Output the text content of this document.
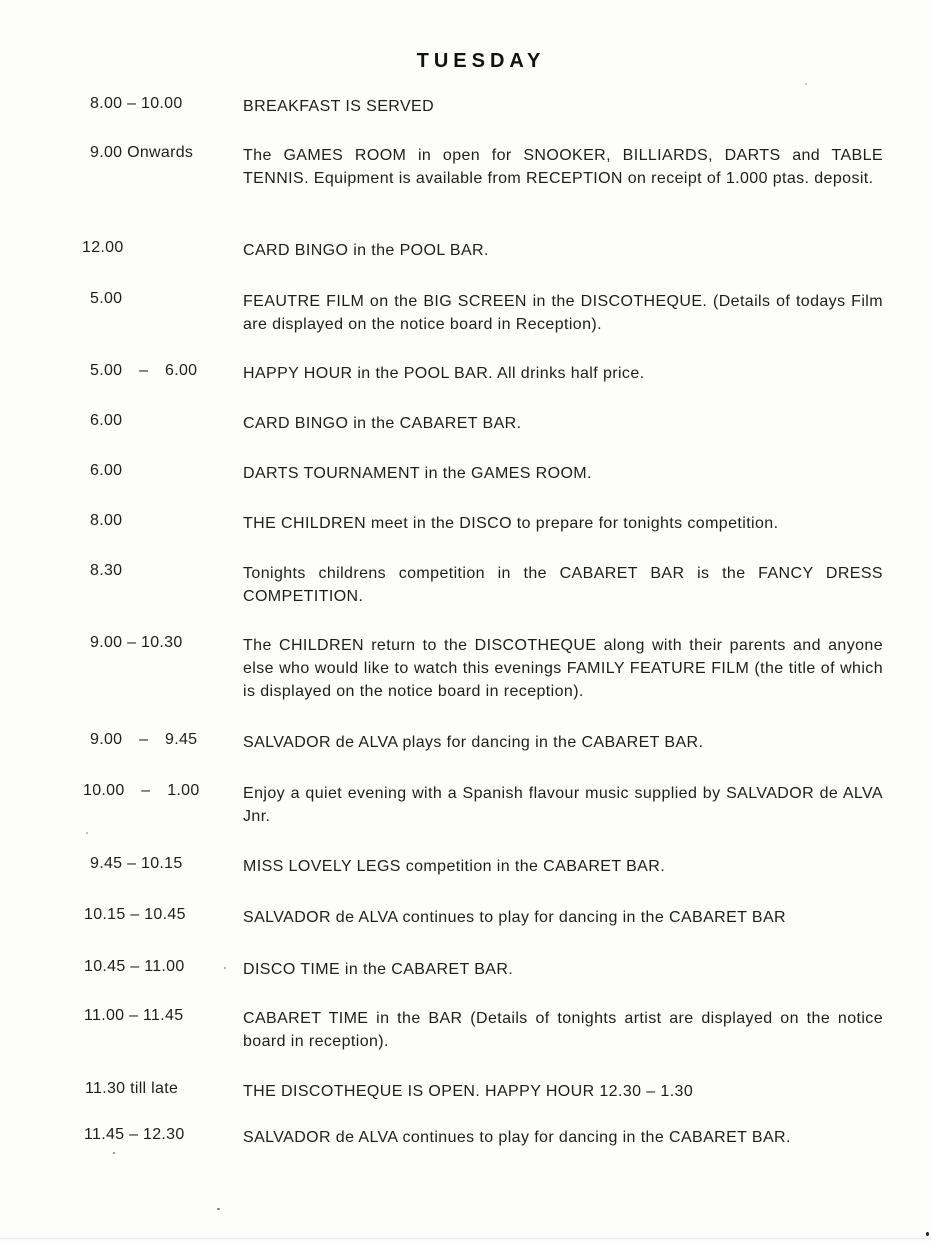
TUESDAY
8.00 – 10.00	BREAKFAST IS SERVED
9.00 Onwards	The GAMES ROOM in open for SNOOKER, BILLIARDS, DARTS and TABLE TENNIS. Equipment is available from RECEPTION on receipt of 1.000 ptas. deposit.
12.00	CARD BINGO in the POOL BAR.
5.00	FEAUTRE FILM on the BIG SCREEN in the DISCOTHEQUE. (Details of todays Film are displayed on the notice board in Reception).
5.00 – 6.00	HAPPY HOUR in the POOL BAR. All drinks half price.
6.00	CARD BINGO in the CABARET BAR.
6.00	DARTS TOURNAMENT in the GAMES ROOM.
8.00	THE CHILDREN meet in the DISCO to prepare for tonights competition.
8.30	Tonights childrens competition in the CABARET BAR is the FANCY DRESS COMPETITION.
9.00 – 10.30	The CHILDREN return to the DISCOTHEQUE along with their parents and anyone else who would like to watch this evenings FAMILY FEATURE FILM (the title of which is displayed on the notice board in reception).
9.00 – 9.45	SALVADOR de ALVA plays for dancing in the CABARET BAR.
10.00 – 1.00	Enjoy a quiet evening with a Spanish flavour music supplied by SALVADOR de ALVA Jnr.
9.45 – 10.15	MISS LOVELY LEGS competition in the CABARET BAR.
10.15 – 10.45	SALVADOR de ALVA continues to play for dancing in the CABARET BAR
10.45 – 11.00	DISCO TIME in the CABARET BAR.
11.00 – 11.45	CABARET TIME in the BAR (Details of tonights artist are displayed on the notice board in reception).
11.30 till late	THE DISCOTHEQUE IS OPEN. HAPPY HOUR 12.30 – 1.30
11.45 – 12.30	SALVADOR de ALVA continues to play for dancing in the CABARET BAR.
